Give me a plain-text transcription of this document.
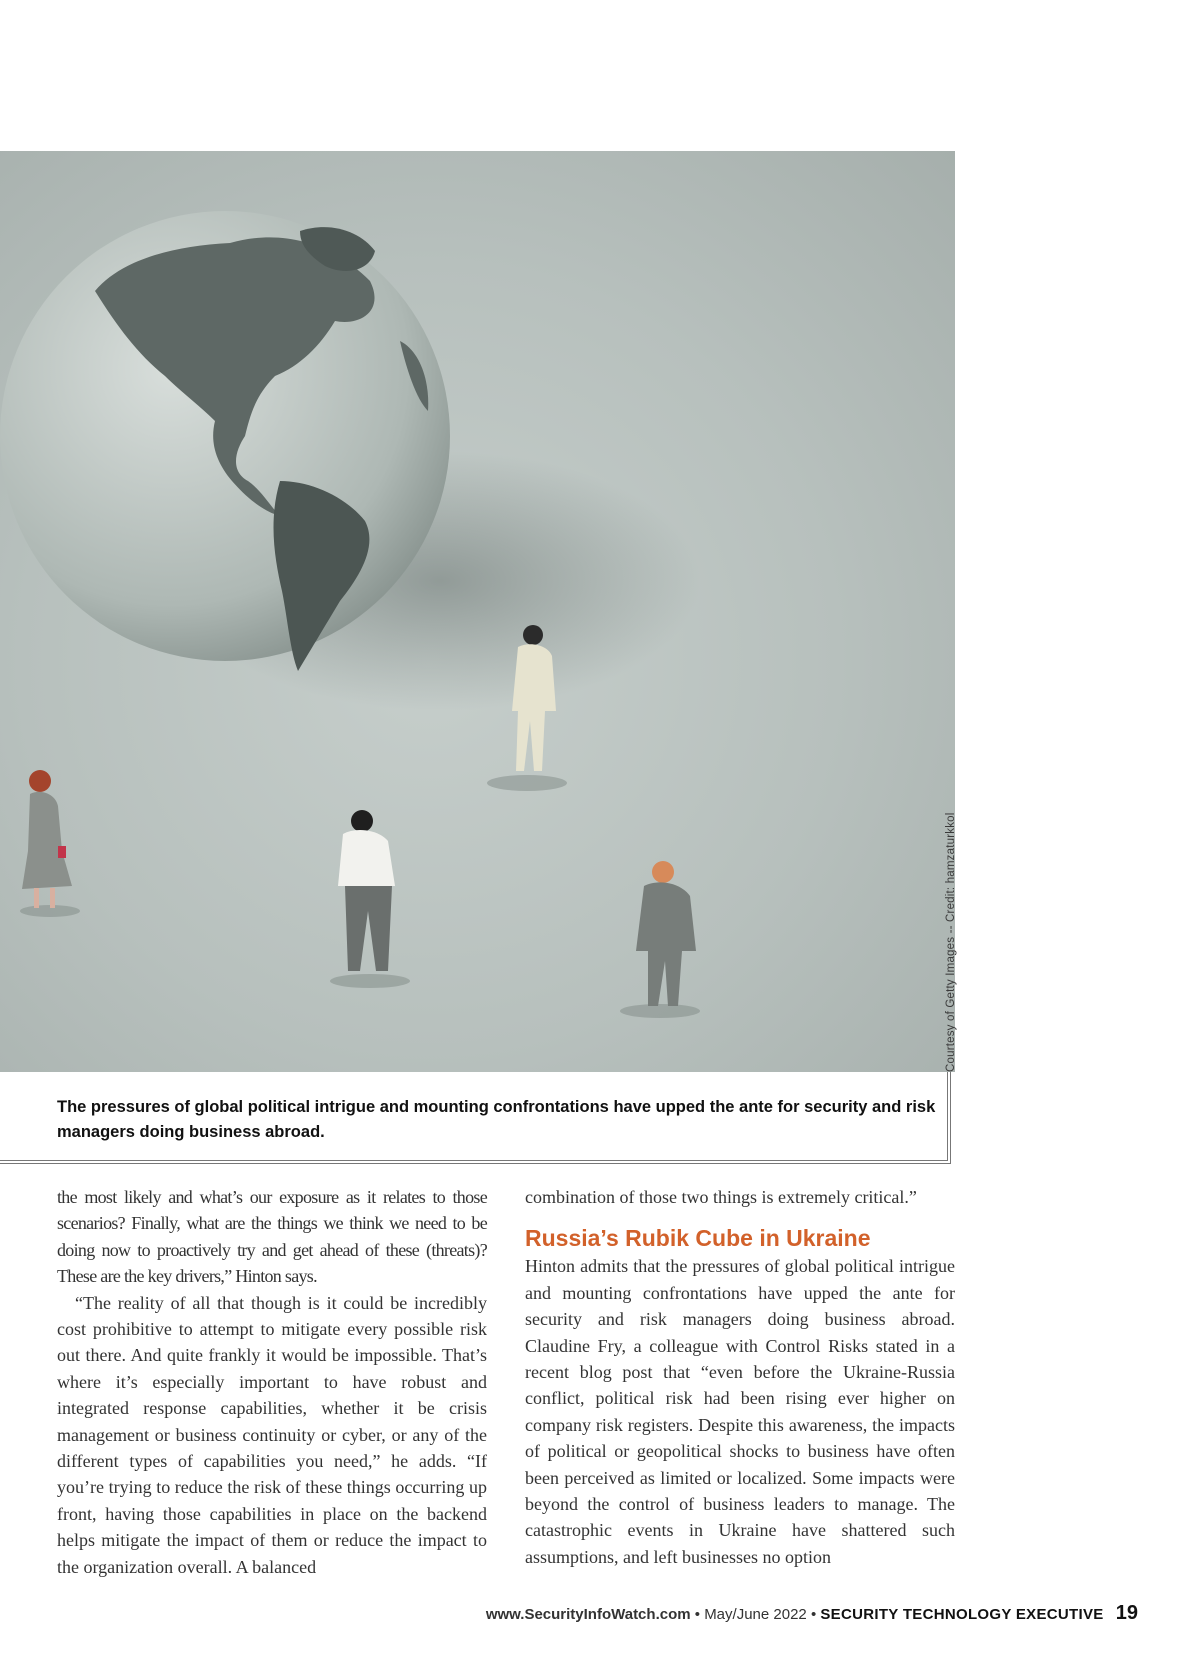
Courtesy of Getty Images -- Credit: hamzaturkkol
The pressures of global political intrigue and mounting confrontations have upped the ante for security and risk managers doing business abroad.

the most likely and what’s our exposure as it relates to those scenarios? Finally, what are the things we think we need to be doing now to proactively try and get ahead of these (threats)? These are the key drivers,” Hinton says.

“The reality of all that though is it could be incredibly cost prohibitive to attempt to mitigate every possible risk out there. And quite frankly it would be impossible. That’s where it’s especially important to have robust and integrated response capabilities, whether it be crisis management or business continuity or cyber, or any of the different types of capabilities you need,” he adds. “If you’re trying to reduce the risk of these things occurring up front, having those capabilities in place on the backend helps mitigate the impact of them or reduce the impact to the organization overall. A balanced

combination of those two things is extremely critical.”

Russia’s Rubik Cube in Ukraine

Hinton admits that the pressures of global political intrigue and mounting confrontations have upped the ante for security and risk managers doing business abroad. Claudine Fry, a colleague with Control Risks stated in a recent blog post that “even before the Ukraine-Russia conflict, political risk had been rising ever higher on company risk registers. Despite this awareness, the impacts of political or geopolitical shocks to business have often been perceived as limited or localized. Some impacts were beyond the control of business leaders to manage. The catastrophic events in Ukraine have shattered such assumptions, and left businesses no option

www.SecurityInfoWatch.com • May/June 2022 • SECURITY TECHNOLOGY EXECUTIVE 19
